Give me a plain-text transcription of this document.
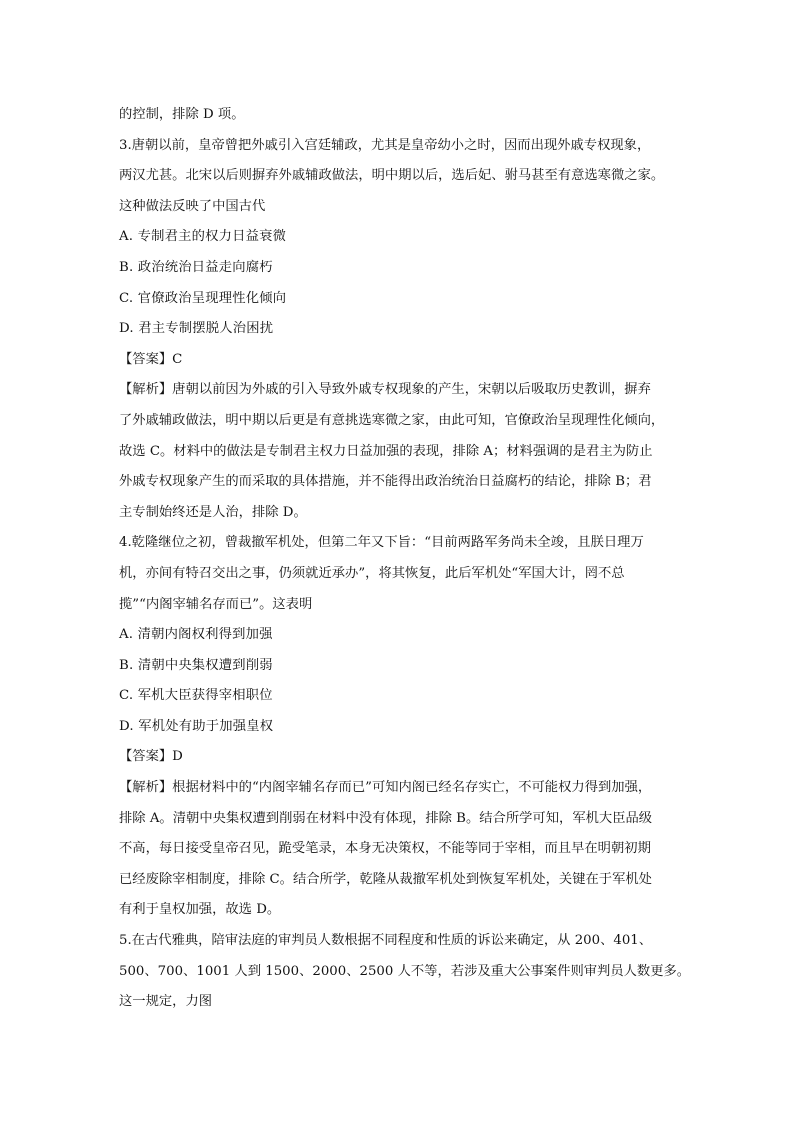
的控制，排除 D 项。
3.唐朝以前，皇帝曾把外戚引入宫廷辅政，尤其是皇帝幼小之时，因而出现外戚专权现象，
两汉尤甚。北宋以后则摒弃外戚辅政做法，明中期以后，选后妃、驸马甚至有意选寒微之家。
这种做法反映了中国古代
A. 专制君主的权力日益衰微
B. 政治统治日益走向腐朽
C. 官僚政治呈现理性化倾向
D. 君主专制摆脱人治困扰
【答案】C
【解析】唐朝以前因为外戚的引入导致外戚专权现象的产生，宋朝以后吸取历史教训，摒弃
了外戚辅政做法，明中期以后更是有意挑选寒微之家，由此可知，官僚政治呈现理性化倾向，
故选 C。材料中的做法是专制君主权力日益加强的表现，排除 A；材料强调的是君主为防止
外戚专权现象产生的而采取的具体措施，并不能得出政治统治日益腐朽的结论，排除 B；君
主专制始终还是人治，排除 D。
4.乾隆继位之初，曾裁撤军机处，但第二年又下旨：“目前两路军务尚未全竣，且朕日理万
机，亦间有特召交出之事，仍须就近承办”，将其恢复，此后军机处“军国大计，罔不总
揽”“内阁宰辅名存而已”。这表明
A. 清朝内阁权利得到加强
B. 清朝中央集权遭到削弱
C. 军机大臣获得宰相职位
D. 军机处有助于加强皇权
【答案】D
【解析】根据材料中的“内阁宰辅名存而已”可知内阁已经名存实亡，不可能权力得到加强，
排除 A。清朝中央集权遭到削弱在材料中没有体现，排除 B。结合所学可知，军机大臣品级
不高，每日接受皇帝召见，跪受笔录，本身无决策权，不能等同于宰相，而且早在明朝初期
已经废除宰相制度，排除 C。结合所学，乾隆从裁撤军机处到恢复军机处，关键在于军机处
有利于皇权加强，故选 D。
5.在古代雅典，陪审法庭的审判员人数根据不同程度和性质的诉讼来确定，从 200、401、
500、700、1001 人到 1500、2000、2500 人不等，若涉及重大公事案件则审判员人数更多。
这一规定，力图
